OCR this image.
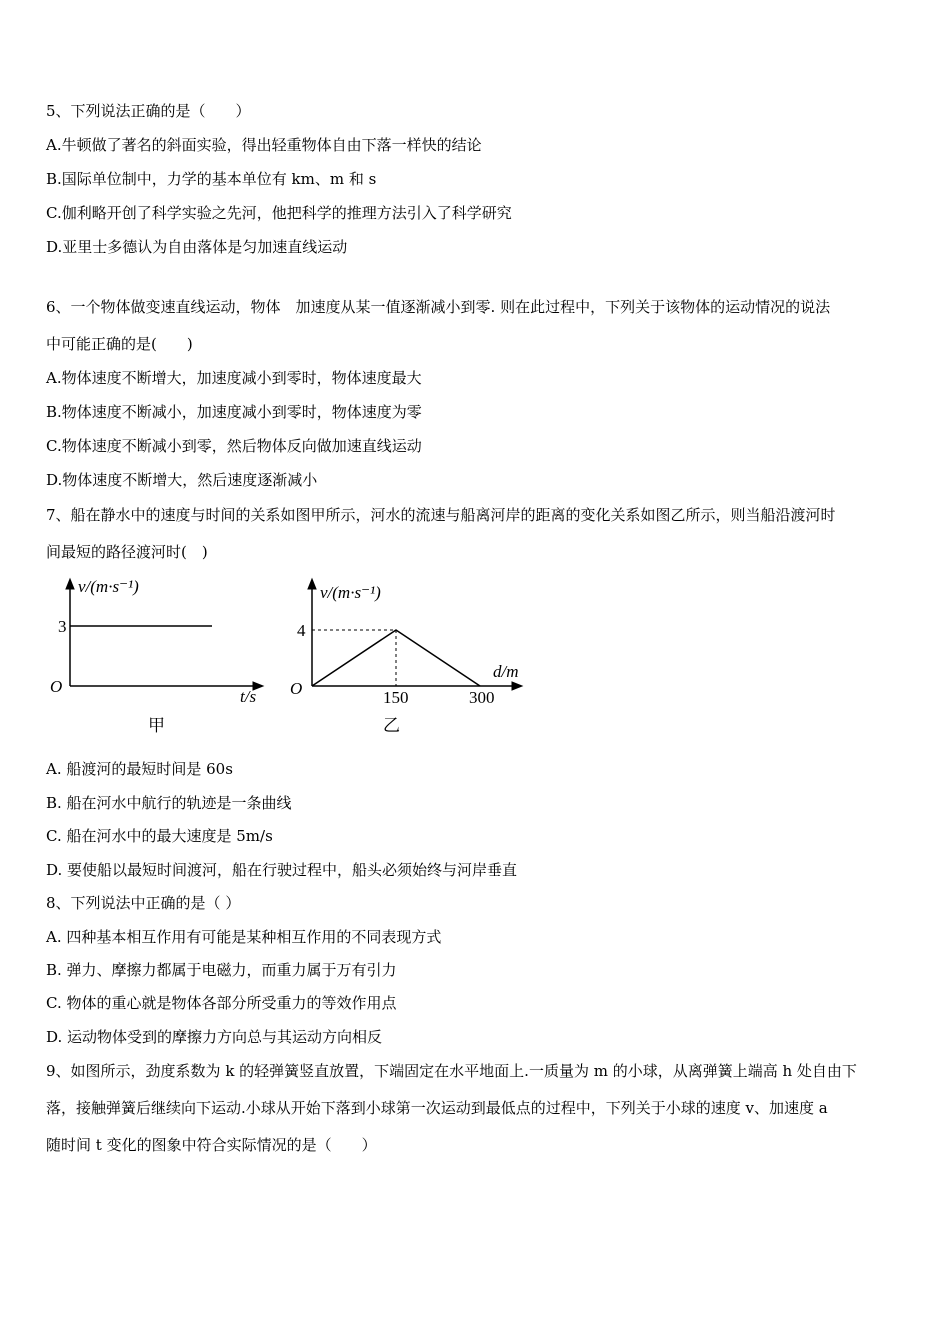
5、下列说法正确的是（　　）
A.牛顿做了著名的斜面实验，得出轻重物体自由下落一样快的结论
B.国际单位制中，力学的基本单位有 km、m 和 s
C.伽利略开创了科学实验之先河，他把科学的推理方法引入了科学研究
D.亚里士多德认为自由落体是匀加速直线运动
6、一个物体做变速直线运动，物体　加速度从某一值逐渐减小到零. 则在此过程中，下列关于该物体的运动情况的说法
中可能正确的是(　　)
A.物体速度不断增大，加速度减小到零时，物体速度最大
B.物体速度不断减小，加速度减小到零时，物体速度为零
C.物体速度不断减小到零，然后物体反向做加速直线运动
D.物体速度不断增大，然后速度逐渐减小
7、船在静水中的速度与时间的关系如图甲所示，河水的流速与船离河岸的距离的变化关系如图乙所示，则当船沿渡河时
间最短的路径渡河时(　)
v/(m·s⁻¹)
3
O
t/s
甲
v/(m·s⁻¹)
4
O
d/m
150	300
乙
A. 船渡河的最短时间是 60s
B. 船在河水中航行的轨迹是一条曲线
C. 船在河水中的最大速度是 5m/s
D. 要使船以最短时间渡河，船在行驶过程中，船头必须始终与河岸垂直
8、下列说法中正确的是（ ）
A. 四种基本相互作用有可能是某种相互作用的不同表现方式
B. 弹力、摩擦力都属于电磁力，而重力属于万有引力
C. 物体的重心就是物体各部分所受重力的等效作用点
D. 运动物体受到的摩擦力方向总与其运动方向相反
9、如图所示，劲度系数为 k 的轻弹簧竖直放置，下端固定在水平地面上.一质量为 m 的小球，从离弹簧上端高 h 处自由下
落，接触弹簧后继续向下运动.小球从开始下落到小球第一次运动到最低点的过程中，下列关于小球的速度 v、加速度 a
随时间 t 变化的图象中符合实际情况的是（　　）
